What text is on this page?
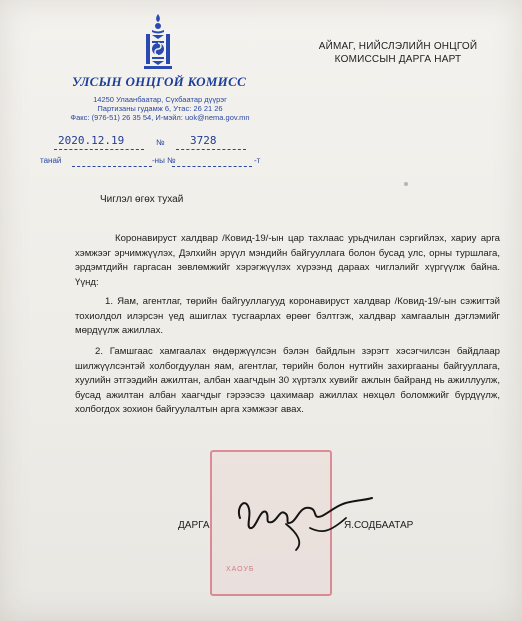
УЛСЫН ОНЦГОЙ КОМИСС
14250 Улаанбаатар, Сүхбаатар дүүрэг
Партизаны гудамж 6, Утас: 26 21 26
Факс: (976-51) 26 35 54, И-мэйл: uok@nema.gov.mn
АЙМАГ, НИЙСЛЭЛИЙН ОНЦГОЙ
КОМИССЫН ДАРГА НАРТ
2020.12.19	№ 3728
танай	-ны №	-т
Чиглэл өгөх тухай
Коронавируст халдвар /Ковид-19/-ын цар тахлаас урьдчилан сэргийлэх, хариу арга хэмжээг эрчимжүүлэх, Дэлхийн эрүүл мэндийн байгууллага болон бусад улс, орны туршлага, эрдэмтдийн гаргасан зөвлөмжийг хэрэгжүүлэх хүрээнд дараах чиглэлийг хүргүүлж байна. Үүнд:
1. Яам, агентлаг, төрийн байгууллагууд коронавируст халдвар /Ковид-19/-ын сэжигтэй тохиолдол илэрсэн үед ашиглах тусгаарлах өрөөг бэлтгэж, халдвар хамгаалын дэглэмийг мөрдүүлж ажиллах.
2. Гамшгаас хамгаалах өндөржүүлсэн бэлэн байдлын зэрэгт хэсэгчилсэн байдлаар шилжүүлсэнтэй холбогдуулан яам, агентлаг, төрийн болон нутгийн захиргааны байгууллага, хуулийн этгээдийн ажилтан, албан хаагчдын 30 хүртэлх хувийг ажлын байранд нь ажиллуулж, бусад ажилтан албан хаагчдыг гэрээсээ цахимаар ажиллах нөхцөл боломжийг бүрдүүлж, холбогдох зохион байгуулалтын арга хэмжээг авах.
ХАОУБ
ДАРГА	Я.СОДБААТАР
